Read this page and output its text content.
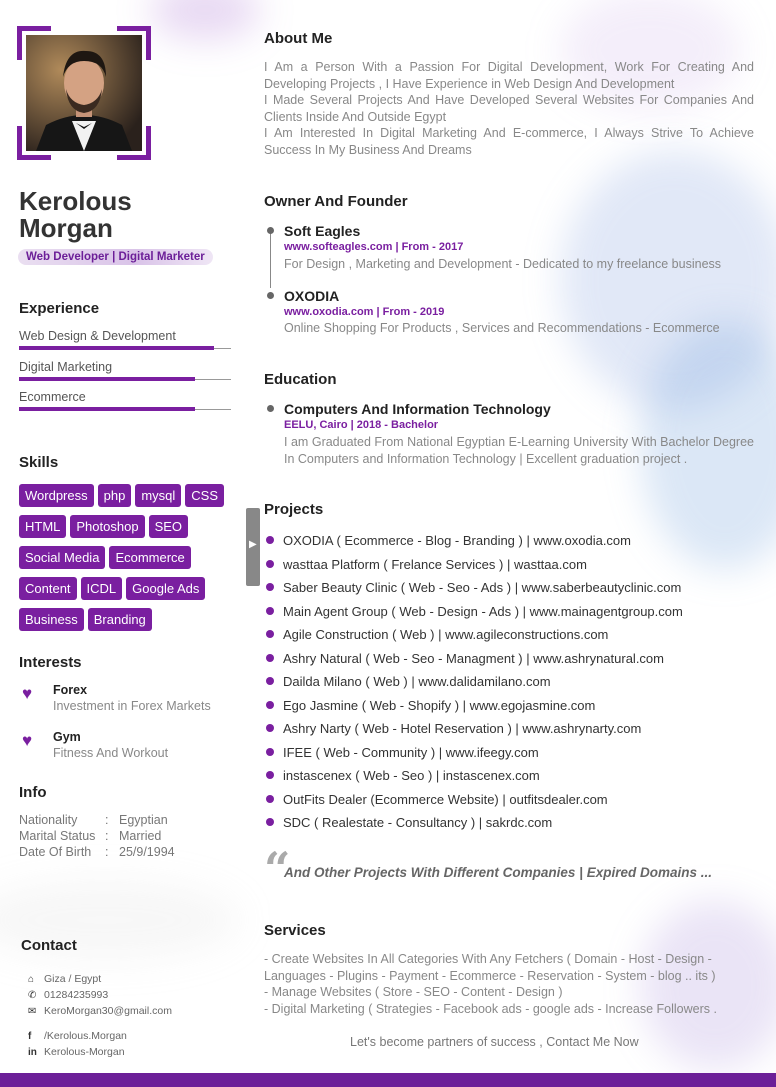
Kerolous
Morgan
Web Developer | Digital Marketer
Experience
Web Design & Development
Digital Marketing
Ecommerce
Skills
Wordpress php mysql CSS
HTML Photoshop SEO
Social Media Ecommerce
Content ICDL Google Ads
Business Branding
Interests
♥ Forex
Investment in Forex Markets
♥ Gym
Fitness And Workout
Info
Nationality : Egyptian
Marital Status : Married
Date Of Birth : 25/9/1994
Contact
⌂ Giza / Egypt
✆ 01284235993
✉ KeroMorgan30@gmail.com
f /Kerolous.Morgan
in Kerolous-Morgan
About Me

I Am a Person With a Passion For Digital Development, Work For Creating And Developing Projects , I Have Experience in Web Design And Development

I Made Several Projects And Have Developed Several Websites For Companies And Clients Inside And Outside Egypt

I Am Interested In Digital Marketing And E-commerce, I Always Strive To Achieve Success In My Business And Dreams

Owner And Founder
Soft Eagles
www.softeagles.com | From - 2017
For Design , Marketing and Development - Dedicated to my freelance business
OXODIA
www.oxodia.com | From - 2019
Online Shopping For Products , Services and Recommendations - Ecommerce
Education
Computers And Information Technology
EELU, Cairo | 2018 - Bachelor
I am Graduated From National Egyptian E-Learning University With Bachelor Degree In Computers and Information Technology | Excellent graduation project .
▶
Projects
OXODIA ( Ecommerce - Blog - Branding ) | www.oxodia.com
wasttaa Platform ( Frelance Services ) | wasttaa.com
Saber Beauty Clinic ( Web - Seo - Ads ) | www.saberbeautyclinic.com
Main Agent Group ( Web - Design - Ads ) | www.mainagentgroup.com
Agile Construction ( Web ) | www.agileconstructions.com
Ashry Natural ( Web - Seo - Managment ) | www.ashrynatural.com
Dailda Milano ( Web ) | www.dalidamilano.com
Ego Jasmine ( Web - Shopify ) | www.egojasmine.com
Ashry Narty ( Web - Hotel Reservation ) | www.ashrynarty.com
IFEE ( Web - Community ) | www.ifeegy.com
instascenex ( Web - Seo ) | instascenex.com
OutFits Dealer (Ecommerce Website) | outfitsdealer.com
SDC ( Realestate - Consultancy ) | sakrdc.com
“
And Other Projects With Different Companies | Expired Domains ...
Services
- Create Websites In All Categories With Any Fetchers ( Domain - Host - Design - Languages - Plugins - Payment - Ecommerce - Reservation - System - blog .. its )
- Manage Websites ( Store - SEO - Content - Design )
- Digital Marketing ( Strategies - Facebook ads - google ads - Increase Followers .
Let's become partners of success , Contact Me Now
